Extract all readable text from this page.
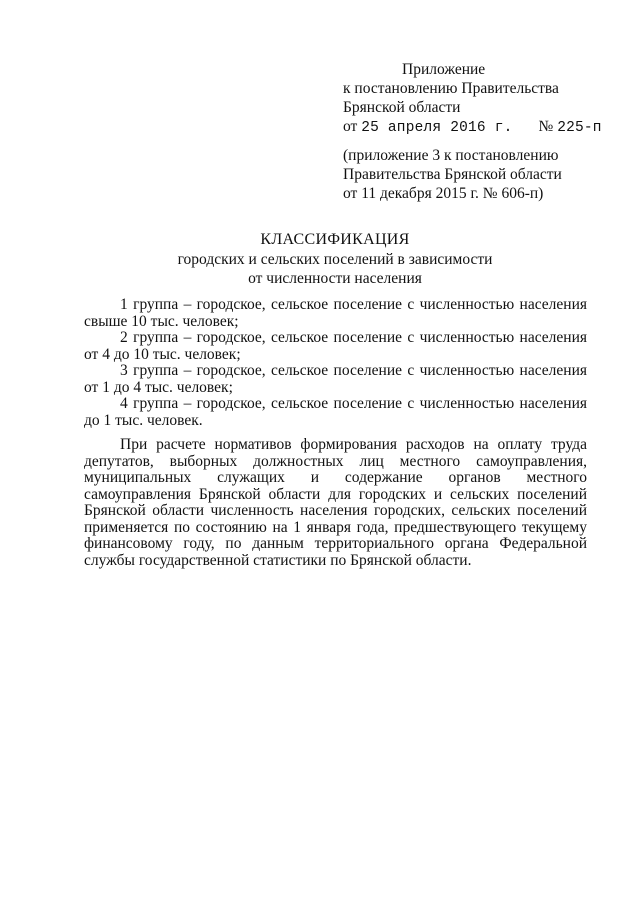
Приложение
к постановлению Правительства
Брянской области
от 25 апреля 2016 г. № 225-п
(приложение 3 к постановлению
Правительства Брянской области
от 11 декабря 2015 г. № 606-п)
КЛАССИФИКАЦИЯ
городских и сельских поселений в зависимости
от численности населения

1 группа – городское, сельское поселение с численностью населения свыше 10 тыс. человек;

2 группа – городское, сельское поселение с численностью населения от 4 до 10 тыс. человек;

3 группа – городское, сельское поселение с численностью населения от 1 до 4 тыс. человек;

4 группа – городское, сельское поселение с численностью населения до 1 тыс. человек.

При расчете нормативов формирования расходов на оплату труда депутатов, выборных должностных лиц местного самоуправления, муниципальных служащих и содержание органов местного самоуправления Брянской области для городских и сельских поселений Брянской области численность населения городских, сельских поселений применяется по состоянию на 1 января года, предшествующего текущему финансовому году, по данным территориального органа Федеральной службы государственной статистики по Брянской области.
